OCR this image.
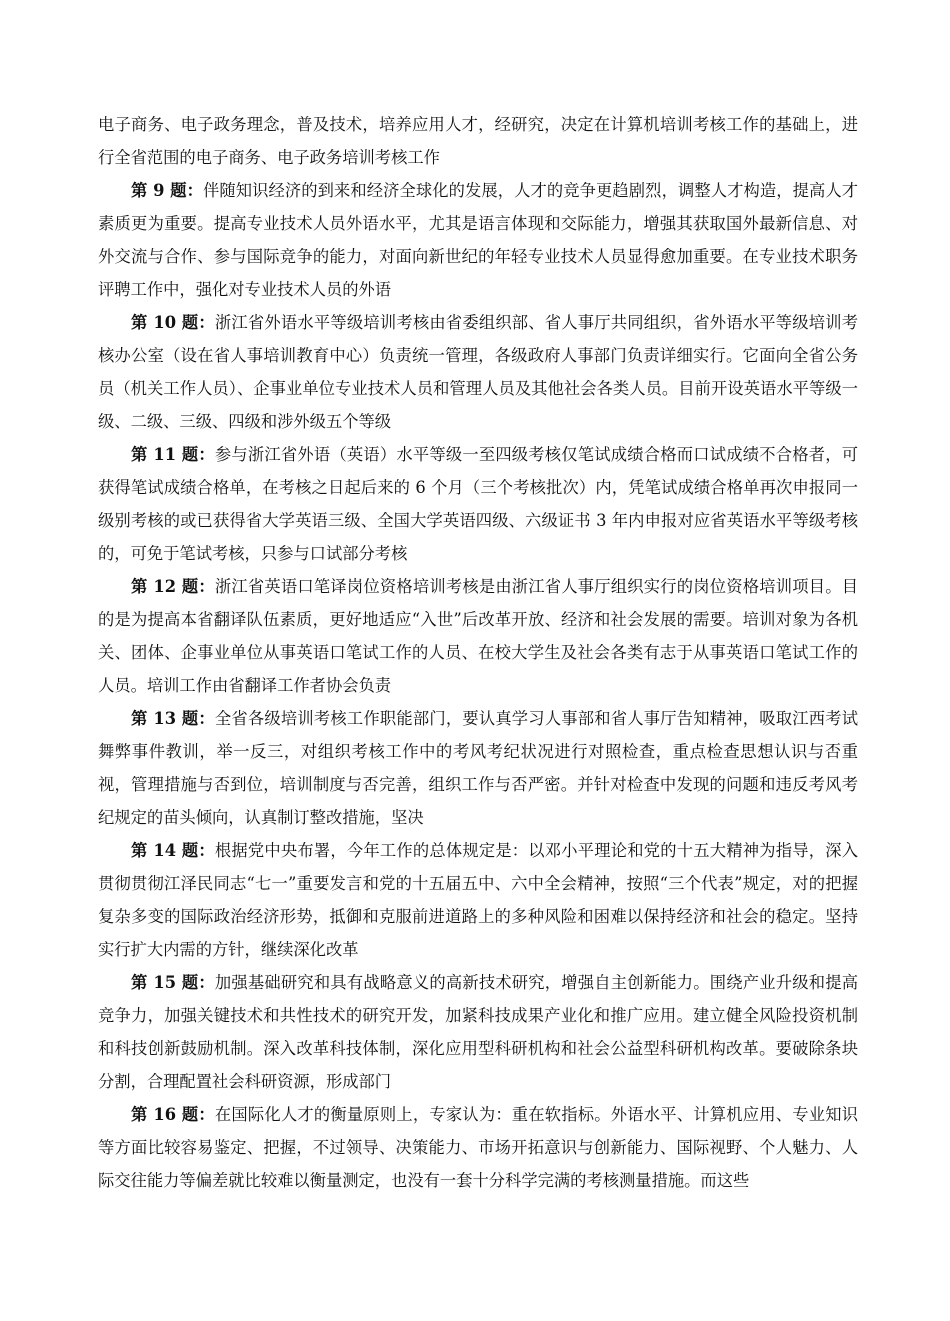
电子商务、电子政务理念，普及技术，培养应用人才，经研究，决定在计算机培训考核工作的基础上，进行全省范围的电子商务、电子政务培训考核工作

第 9 题：伴随知识经济的到来和经济全球化的发展，人才的竞争更趋剧烈，调整人才构造，提高人才素质更为重要。提高专业技术人员外语水平，尤其是语言体现和交际能力，增强其获取国外最新信息、对外交流与合作、参与国际竞争的能力，对面向新世纪的年轻专业技术人员显得愈加重要。在专业技术职务评聘工作中，强化对专业技术人员的外语

第 10 题：浙江省外语水平等级培训考核由省委组织部、省人事厅共同组织，省外语水平等级培训考核办公室（设在省人事培训教育中心）负责统一管理，各级政府人事部门负责详细实行。它面向全省公务员（机关工作人员）、企事业单位专业技术人员和管理人员及其他社会各类人员。目前开设英语水平等级一级、二级、三级、四级和涉外级五个等级

第 11 题：参与浙江省外语（英语）水平等级一至四级考核仅笔试成绩合格而口试成绩不合格者，可获得笔试成绩合格单，在考核之日起后来的 6 个月（三个考核批次）内，凭笔试成绩合格单再次申报同一级别考核的或已获得省大学英语三级、全国大学英语四级、六级证书 3 年内申报对应省英语水平等级考核的，可免于笔试考核，只参与口试部分考核

第 12 题：浙江省英语口笔译岗位资格培训考核是由浙江省人事厅组织实行的岗位资格培训项目。目的是为提高本省翻译队伍素质，更好地适应“入世”后改革开放、经济和社会发展的需要。培训对象为各机关、团体、企事业单位从事英语口笔试工作的人员、在校大学生及社会各类有志于从事英语口笔试工作的人员。培训工作由省翻译工作者协会负责

第 13 题：全省各级培训考核工作职能部门，要认真学习人事部和省人事厅告知精神，吸取江西考试舞弊事件教训，举一反三，对组织考核工作中的考风考纪状况进行对照检查，重点检查思想认识与否重视，管理措施与否到位，培训制度与否完善，组织工作与否严密。并针对检查中发现的问题和违反考风考纪规定的苗头倾向，认真制订整改措施，坚决

第 14 题：根据党中央布署，今年工作的总体规定是：以邓小平理论和党的十五大精神为指导，深入贯彻贯彻江泽民同志“七一”重要发言和党的十五届五中、六中全会精神，按照“三个代表”规定，对的把握复杂多变的国际政治经济形势，抵御和克服前进道路上的多种风险和困难以保持经济和社会的稳定。坚持实行扩大内需的方针，继续深化改革

第 15 题：加强基础研究和具有战略意义的高新技术研究，增强自主创新能力。围绕产业升级和提高竞争力，加强关键技术和共性技术的研究开发，加紧科技成果产业化和推广应用。建立健全风险投资机制和科技创新鼓励机制。深入改革科技体制，深化应用型科研机构和社会公益型科研机构改革。要破除条块分割，合理配置社会科研资源，形成部门

第 16 题：在国际化人才的衡量原则上，专家认为：重在软指标。外语水平、计算机应用、专业知识等方面比较容易鉴定、把握，不过领导、决策能力、市场开拓意识与创新能力、国际视野、个人魅力、人际交往能力等偏差就比较难以衡量测定，也没有一套十分科学完满的考核测量措施。而这些
